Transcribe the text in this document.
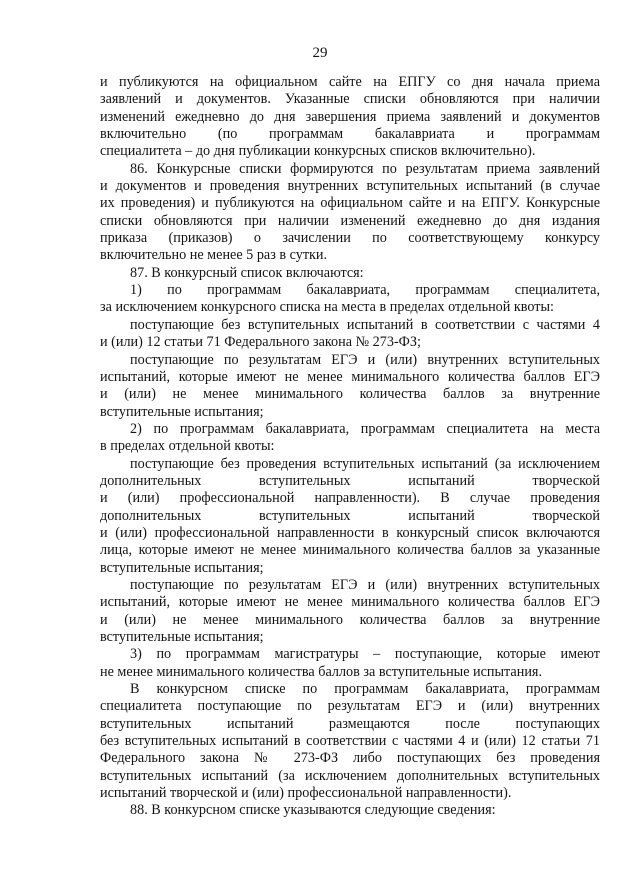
29
и публикуются на официальном сайте на ЕПГУ со дня начала приема
заявлений и документов. Указанные списки обновляются при наличии
изменений ежедневно до дня завершения приема заявлений и документов
включительно (по программам бакалавриата и программам
специалитета – до дня публикации конкурсных списков включительно).
86. Конкурсные списки формируются по результатам приема заявлений
и документов и проведения внутренних вступительных испытаний (в случае
их проведения) и публикуются на официальном сайте и на ЕПГУ. Конкурсные
списки обновляются при наличии изменений ежедневно до дня издания
приказа (приказов) о зачислении по соответствующему конкурсу
включительно не менее 5 раз в сутки.
87. В конкурсный список включаются:
1) по программам бакалавриата, программам специалитета,
за исключением конкурсного списка на места в пределах отдельной квоты:
поступающие без вступительных испытаний в соответствии с частями 4
и (или) 12 статьи 71 Федерального закона № 273-ФЗ;
поступающие по результатам ЕГЭ и (или) внутренних вступительных
испытаний, которые имеют не менее минимального количества баллов ЕГЭ
и (или) не менее минимального количества баллов за внутренние
вступительные испытания;
2) по программам бакалавриата, программам специалитета на места
в пределах отдельной квоты:
поступающие без проведения вступительных испытаний (за исключением
дополнительных вступительных испытаний творческой
и (или) профессиональной направленности). В случае проведения
дополнительных вступительных испытаний творческой
и (или) профессиональной направленности в конкурсный список включаются
лица, которые имеют не менее минимального количества баллов за указанные
вступительные испытания;
поступающие по результатам ЕГЭ и (или) внутренних вступительных
испытаний, которые имеют не менее минимального количества баллов ЕГЭ
и (или) не менее минимального количества баллов за внутренние
вступительные испытания;
3) по программам магистратуры – поступающие, которые имеют
не менее минимального количества баллов за вступительные испытания.
В конкурсном списке по программам бакалавриата, программам
специалитета поступающие по результатам ЕГЭ и (или) внутренних
вступительных испытаний размещаются после поступающих
без вступительных испытаний в соответствии с частями 4 и (или) 12 статьи 71
Федерального закона № 273-ФЗ либо поступающих без проведения
вступительных испытаний (за исключением дополнительных вступительных
испытаний творческой и (или) профессиональной направленности).
88. В конкурсном списке указываются следующие сведения:
